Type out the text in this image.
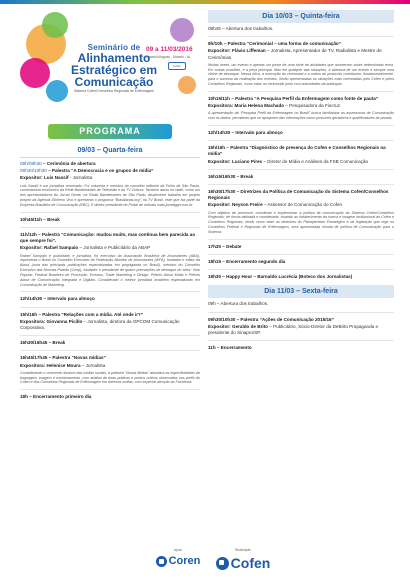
Seminário de
Alinhamento
Estratégico em
Comunicação
Sistema Cofen/Conselhos Regionais de Enfermagem
09 a 11/03/2016
Maceió/Alagoas - Maceió - AL
Cofen
PROGRAMA
09/03 – Quarta-feira
09h/09h30 – Cerimônia de abertura
09h30/10h30 – Palestra “A Democracia e os grupos de mídia”
Expositor: Luis Nassif - Jornalista
Luis Nassif é um jornalista renomado. Foi colunista e membro do conselho editorial da Folha de São Paulo, comentarista econômico da Rede Bandeirantes de Televisão e da TV Cultura. Também atuou no rádio, como um dos apresentadores do Jornal Gente, na Rádio Bandeirantes de São Paulo. Atualmente trabalha em projeto próprio da Agência Dinheiro Vivo e apresenta o programa “Brasilianas.org”, na TV Brasil, rede que faz parte da Empresa Brasileira de Comunicação (EBC). É diretor presidente do Portal de notícias www.jornalggn.com.br
10h45/11h – Break
11h/12h – Palestra “Comunicação: mudou muito, mas continua bem parecida ao que sempre foi”.
Expositor: Rafael Sampaio – Jornalista e Publicitário da ABAP
Rafael Sampaio é publicitário e jornalista, foi executivo da Associação Brasileira de Anunciantes (ABA), representa o Brasil no Conselho Executivo da Federação Mundial de Anunciantes (WFA), fundador e editor da About (uma das principais publicações especializadas em propaganda no Brasil), membro do Conselho Executivo das Normas-Padrão (Cenp), fundador e presidente de quatro premiações de destaque do setor: Voto Popular, Festival Brasileiro de Promoção, Eventos, Trade Marketing e Design, Prêmio About Mídia e Prêmio About de Comunicação Integrada e Digitais. Considerado o melhor jornalista brasileiro especializado em Comunicação de Marketing.
12h/14h30 – Intervalo para almoço
15h/16h – Palestra “Relações com a mídia. Até onde ir?”
Expositora: Giovanna Picillo – Jornalista, diretora da GPCOM Comunicação Corporativa.
16h30/16h45 – Break
16h45/17h45 – Palestra “Novas mídias”
Expositora: Helenice Moura – Jornalista
Considerando o crescente alcance das mídias sociais, a palestra “Novas Mídias” abordará as especificidades de linguagem, imagem e monitoramento, com análise de boas práticas e pontos críticos observados nos perfis do Cofen e dos Conselhos Regionais de Enfermagem em diversas mídias, com especial atenção ao Facebook.
18h – Encerramento primeiro dia
Dia 10/03 – Quinta-feira
08h45 – Abertura dos trabalhos.
9h/10h – Palestra “Cerimonial – uma forma de comunicação”
Expositor: Flávio Liffeman – Jornalista, Apresentador de TV, Radialista e Mestre de Cerimônias.
Muitas vezes, um evento é apenas um ponto de uma série de atividades que acontecem sobre determinado tema. Em outras ocasiões, é a peça principal. Mas em qualquer das situações, a abertura de um evento é sempre uma vitrine de destaque. Nessa ótica, a execução do cerimonial e a ordem do protocolo contribuem, fundamentalmente, para o sucesso da realização dos eventos. Serão apresentadas as situações mais vivenciadas pelo Cofen e pelos Conselhos Regionais, como estar no cerimonial junto com autoridades da autarquia.
10h15/11h – Palestra “A Pesquisa Perfil da Enfermagem como fonte de pauta”
Expositora: Maria Helena Machado – Pesquisadora da Fiocruz
A apresentação da “Pesquisa Perfil da Enfermagem no Brasil” busca familiarizar as assessorias de Comunicação com os dados, permitindo que se apropriem das informações como possíveis geradores e qualificadores de pautas.
12h/14h30 – Intervalo para almoço
15h/16h – Palestra “Diagnóstico de presença do Cofen e Conselhos Regionais na mídia”
Expositor: Luciano Pires – Diretor de Mídia e Análises da FSB Comunicação
16h15/16h30 – Break
16h30/17h30 – Diretrizes da Política de Comunicação do Sistema Cofen/Conselhos Regionais
Expositor: Neyson Freire – Assessor de Comunicação do Cofen
Com objetivo de promover, coordenar e implementar a política de comunicação do Sistema Cofen/Conselhos Regionais, de forma alinhada e coordenada, visando ao fortalecimento da marca e imagem institucional do Cofen e Conselhos Regionais, tendo como base as diretrizes do Planejamento Estratégico e da legislação que rege os Conselhos Federal e Regionais de Enfermagem, será apresentada minuta de política de Comunicação para o Sistema.
17h30 – Debate
18h15 – Encerramento segundo dia
18h30 – Happy Hour – Barnaldo Lucrécia (Boteco dos Jornalistas)
Dia 11/03 – Sexta-feira
09h – Abertura dos trabalhos.
09h30/10h30 – Palestra “Ações de Comunicação 2015/16”
Expositor: Geraldo de Brito – Publicitário, Sócio-Diretor da DeBrito Propaganda e presidente do Sinapro/SP.
11h – Encerramento
Apoio
Coren
Realização
Cofen
